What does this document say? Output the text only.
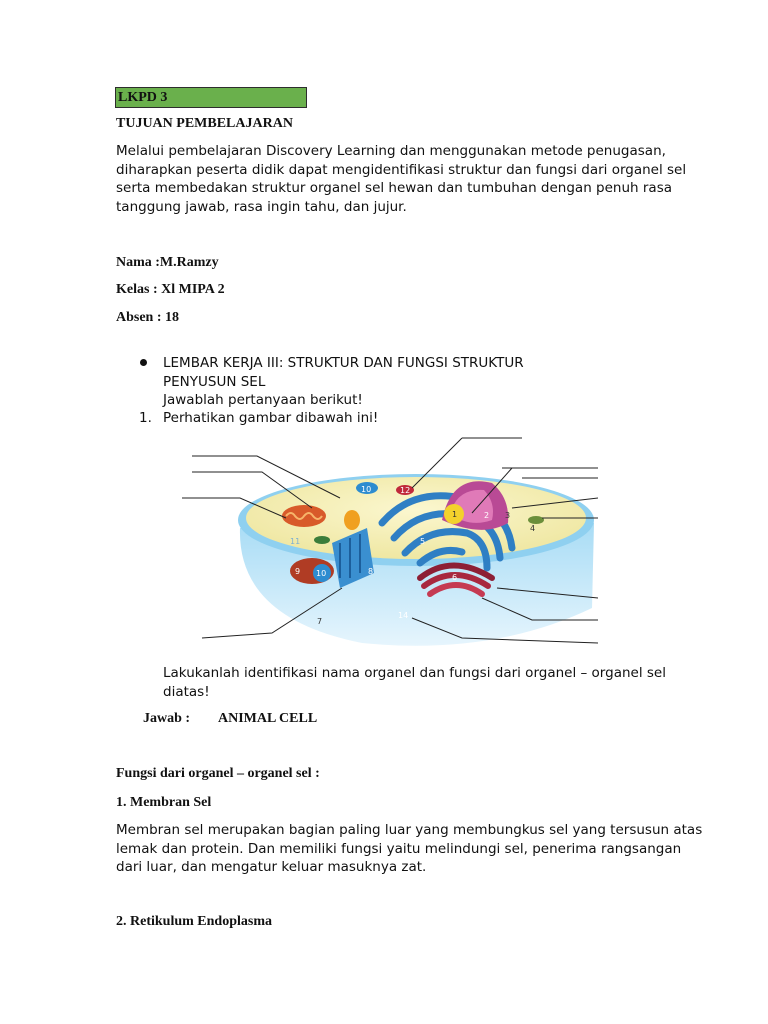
LKPD 3
TUJUAN PEMBELAJARAN
Melalui pembelajaran Discovery Learning dan menggunakan metode penugasan,
diharapkan peserta didik dapat mengidentifikasi struktur dan fungsi dari organel sel
serta membedakan struktur organel sel hewan dan tumbuhan dengan penuh rasa
tanggung jawab, rasa ingin tahu, dan jujur.
Nama :M.Ramzy
Kelas : Xl MIPA 2
Absen : 18
LEMBAR KERJA III: STRUKTUR DAN FUNGSI STRUKTUR
PENYUSUN SEL
Jawablah pertanyaan berikut!
1. Perhatikan gambar dibawah ini!
10	12
1	2 3
4
5
6
7
8
9 10
11
14
Lakukanlah identifikasi nama organel dan fungsi dari organel – organel sel
diatas!
Jawab : ANIMAL CELL
Fungsi dari organel – organel sel :
1. Membran Sel
Membran sel merupakan bagian paling luar yang membungkus sel yang tersusun atas
lemak dan protein. Dan memiliki fungsi yaitu melindungi sel, penerima rangsangan
dari luar, dan mengatur keluar masuknya zat.
2. Retikulum Endoplasma
